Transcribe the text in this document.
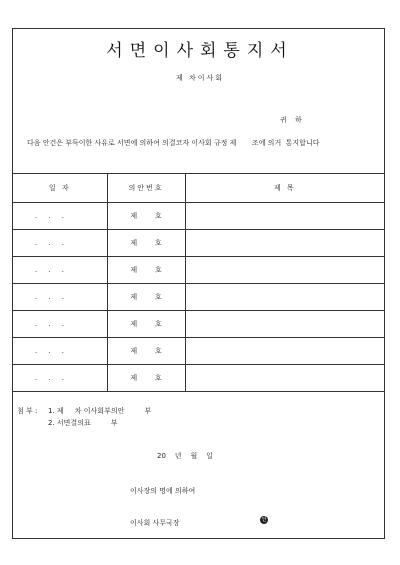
서면이사회통지서
제 차이사회
귀 하
다음 안건은 부득이한 사유로 서면에 의하여 의결코자 이사회 규정 제       조에 의거  통지합니다
일 자	의안번호	제 목
.     .     .	제        호	
.     .     .	제        호	
.     .     .	제        호	
.     .     .	제        호	
.     .     .	제        호	
.     .     .	제        호	
.     .     .	제        호	
첨 부 : 1. 제     차 이사회부의안         부
2. 서면결의표         부
20    년    월    일
이사장의 명에 의하여
이사회 사무국장	인
